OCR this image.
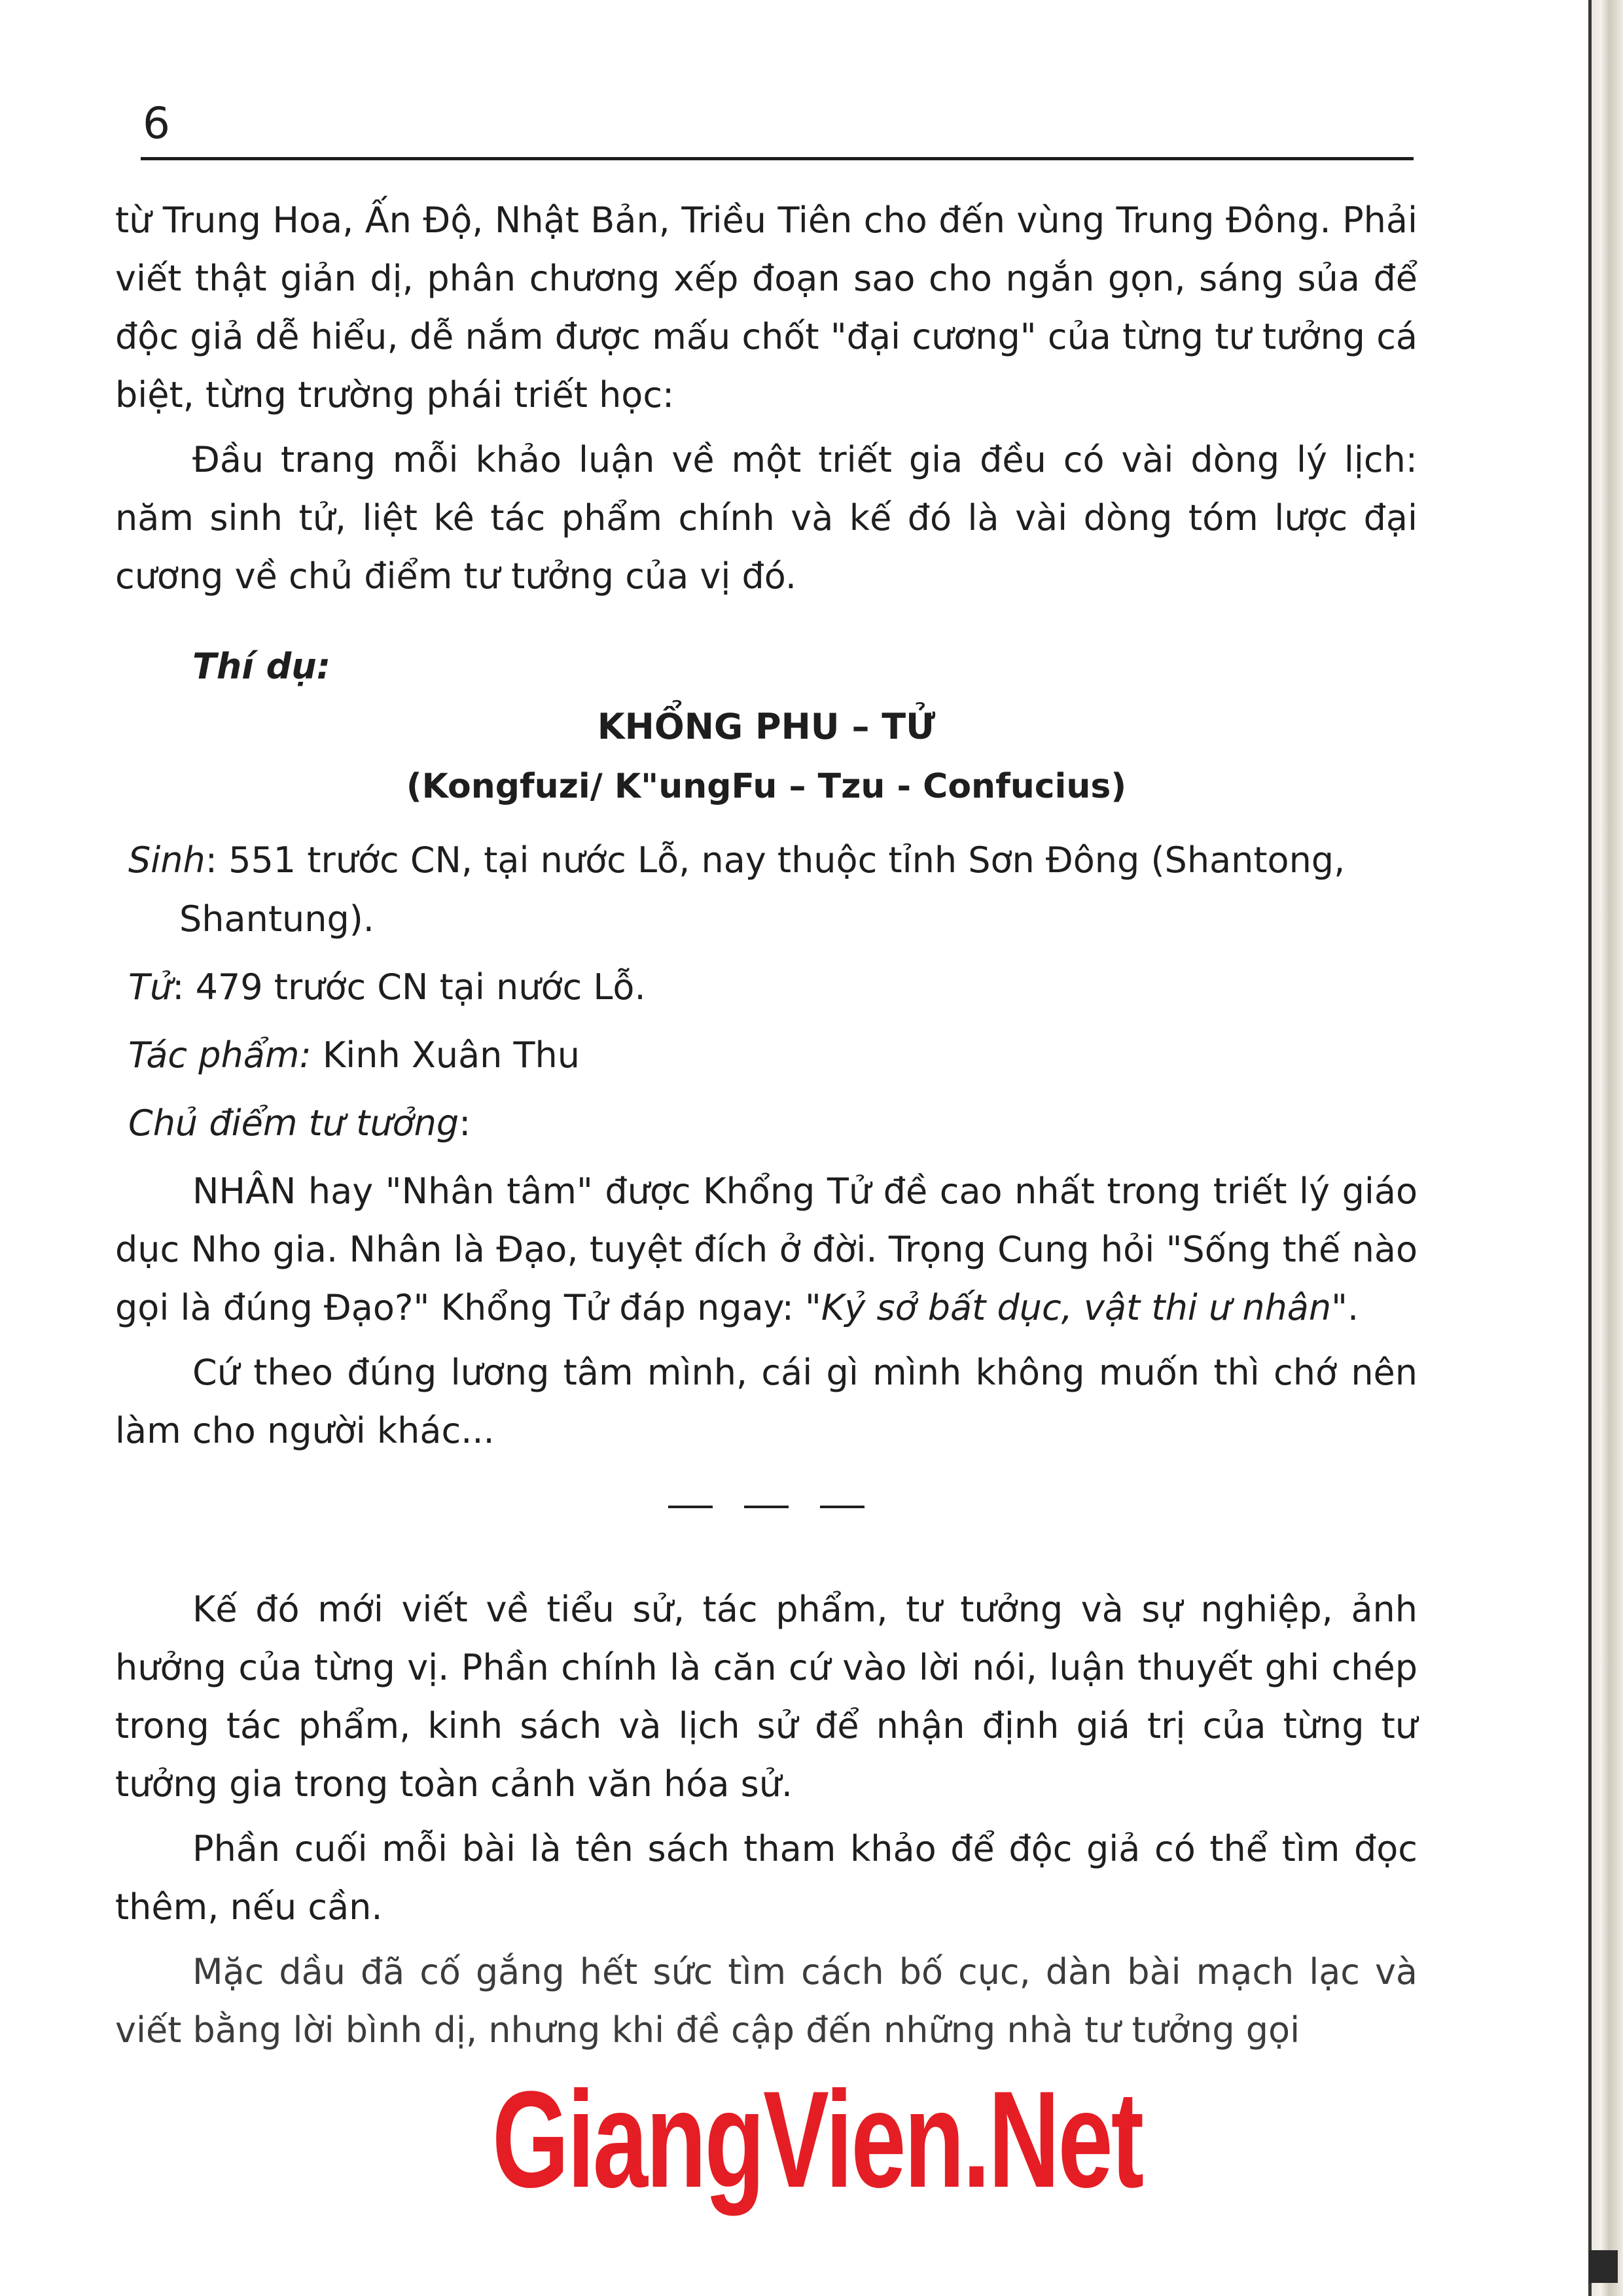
6

từ Trung Hoa, Ấn Độ, Nhật Bản, Triều Tiên cho đến vùng Trung Đông. Phải viết thật giản dị, phân chương xếp đoạn sao cho ngắn gọn, sáng sủa để độc giả dễ hiểu, dễ nắm được mấu chốt "đại cương" của từng tư tưởng cá biệt, từng trường phái triết học:

Đầu trang mỗi khảo luận về một triết gia đều có vài dòng lý lịch: năm sinh tử, liệt kê tác phẩm chính và kế đó là vài dòng tóm lược đại cương về chủ điểm tư tưởng của vị đó.

Thí dụ:

KHỔNG PHU – TỬ

(Kongfuzi/ K"ungFu – Tzu - Confucius)

Sinh: 551 trước CN, tại nước Lỗ, nay thuộc tỉnh Sơn Đông (Shantong, Shantung).

Tử: 479 trước CN tại nước Lỗ.

Tác phẩm: Kinh Xuân Thu

Chủ điểm tư tưởng:

NHÂN hay "Nhân tâm" được Khổng Tử đề cao nhất trong triết lý giáo dục Nho gia. Nhân là Đạo, tuyệt đích ở đời. Trọng Cung hỏi "Sống thế nào gọi là đúng Đạo?" Khổng Tử đáp ngay: "Kỷ sở bất dục, vật thi ư nhân".

Cứ theo đúng lương tâm mình, cái gì mình không muốn thì chớ nên làm cho người khác...

Kế đó mới viết về tiểu sử, tác phẩm, tư tưởng và sự nghiệp, ảnh hưởng của từng vị. Phần chính là căn cứ vào lời nói, luận thuyết ghi chép trong tác phẩm, kinh sách và lịch sử để nhận định giá trị của từng tư tưởng gia trong toàn cảnh văn hóa sử.

Phần cuối mỗi bài là tên sách tham khảo để độc giả có thể tìm đọc thêm, nếu cần.

Mặc dầu đã cố gắng hết sức tìm cách bố cục, dàn bài mạch lạc và viết bằng lời bình dị, nhưng khi đề cập đến những nhà tư tưởng gọi

GiangVien.Net
